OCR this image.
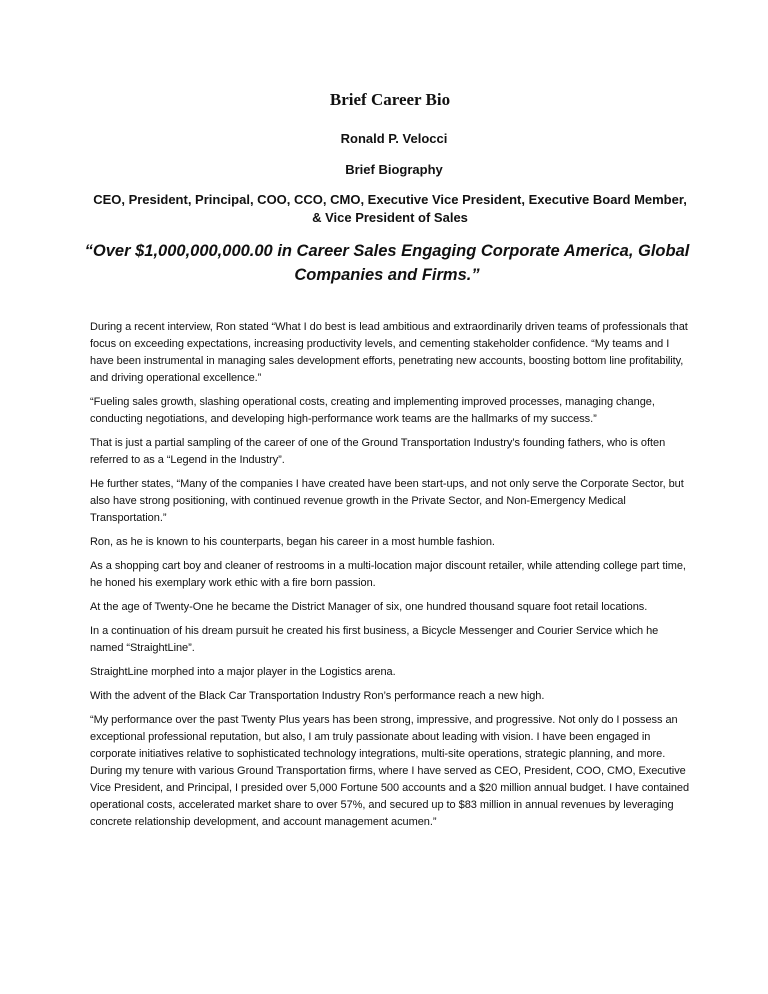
Brief Career Bio
Ronald P. Velocci
Brief Biography
CEO, President, Principal, COO, CCO, CMO, Executive Vice President, Executive Board Member, & Vice President of Sales
“Over $1,000,000,000.00 in Career Sales Engaging Corporate America, Global Companies and Firms.”

During a recent interview, Ron stated “What I do best is lead ambitious and extraordinarily driven teams of professionals that focus on exceeding expectations, increasing productivity levels, and cementing stakeholder confidence. “My teams and I have been instrumental in managing sales development efforts, penetrating new accounts, boosting bottom line profitability, and driving operational excellence.”

“Fueling sales growth, slashing operational costs, creating and implementing improved processes, managing change, conducting negotiations, and developing high-performance work teams are the hallmarks of my success.”

That is just a partial sampling of the career of one of the Ground Transportation Industry’s founding fathers, who is often referred to as a “Legend in the Industry”.

He further states, “Many of the companies I have created have been start-ups, and not only serve the Corporate Sector, but also have strong positioning, with continued revenue growth in the Private Sector, and Non-Emergency Medical Transportation.”

Ron, as he is known to his counterparts, began his career in a most humble fashion.

As a shopping cart boy and cleaner of restrooms in a multi-location major discount retailer, while attending college part time, he honed his exemplary work ethic with a fire born passion.

At the age of Twenty-One he became the District Manager of six, one hundred thousand square foot retail locations.

In a continuation of his dream pursuit he created his first business, a Bicycle Messenger and Courier Service which he named “StraightLine”.

StraightLine morphed into a major player in the Logistics arena.

With the advent of the Black Car Transportation Industry Ron’s performance reach a new high.

“My performance over the past Twenty Plus years has been strong, impressive, and progressive. Not only do I possess an exceptional professional reputation, but also, I am truly passionate about leading with vision. I have been engaged in corporate initiatives relative to sophisticated technology integrations, multi-site operations, strategic planning, and more. During my tenure with various Ground Transportation firms, where I have served as CEO, President, COO, CMO, Executive Vice President, and Principal, I presided over 5,000 Fortune 500 accounts and a $20 million annual budget. I have contained operational costs, accelerated market share to over 57%, and secured up to $83 million in annual revenues by leveraging concrete relationship development, and account management acumen.”
